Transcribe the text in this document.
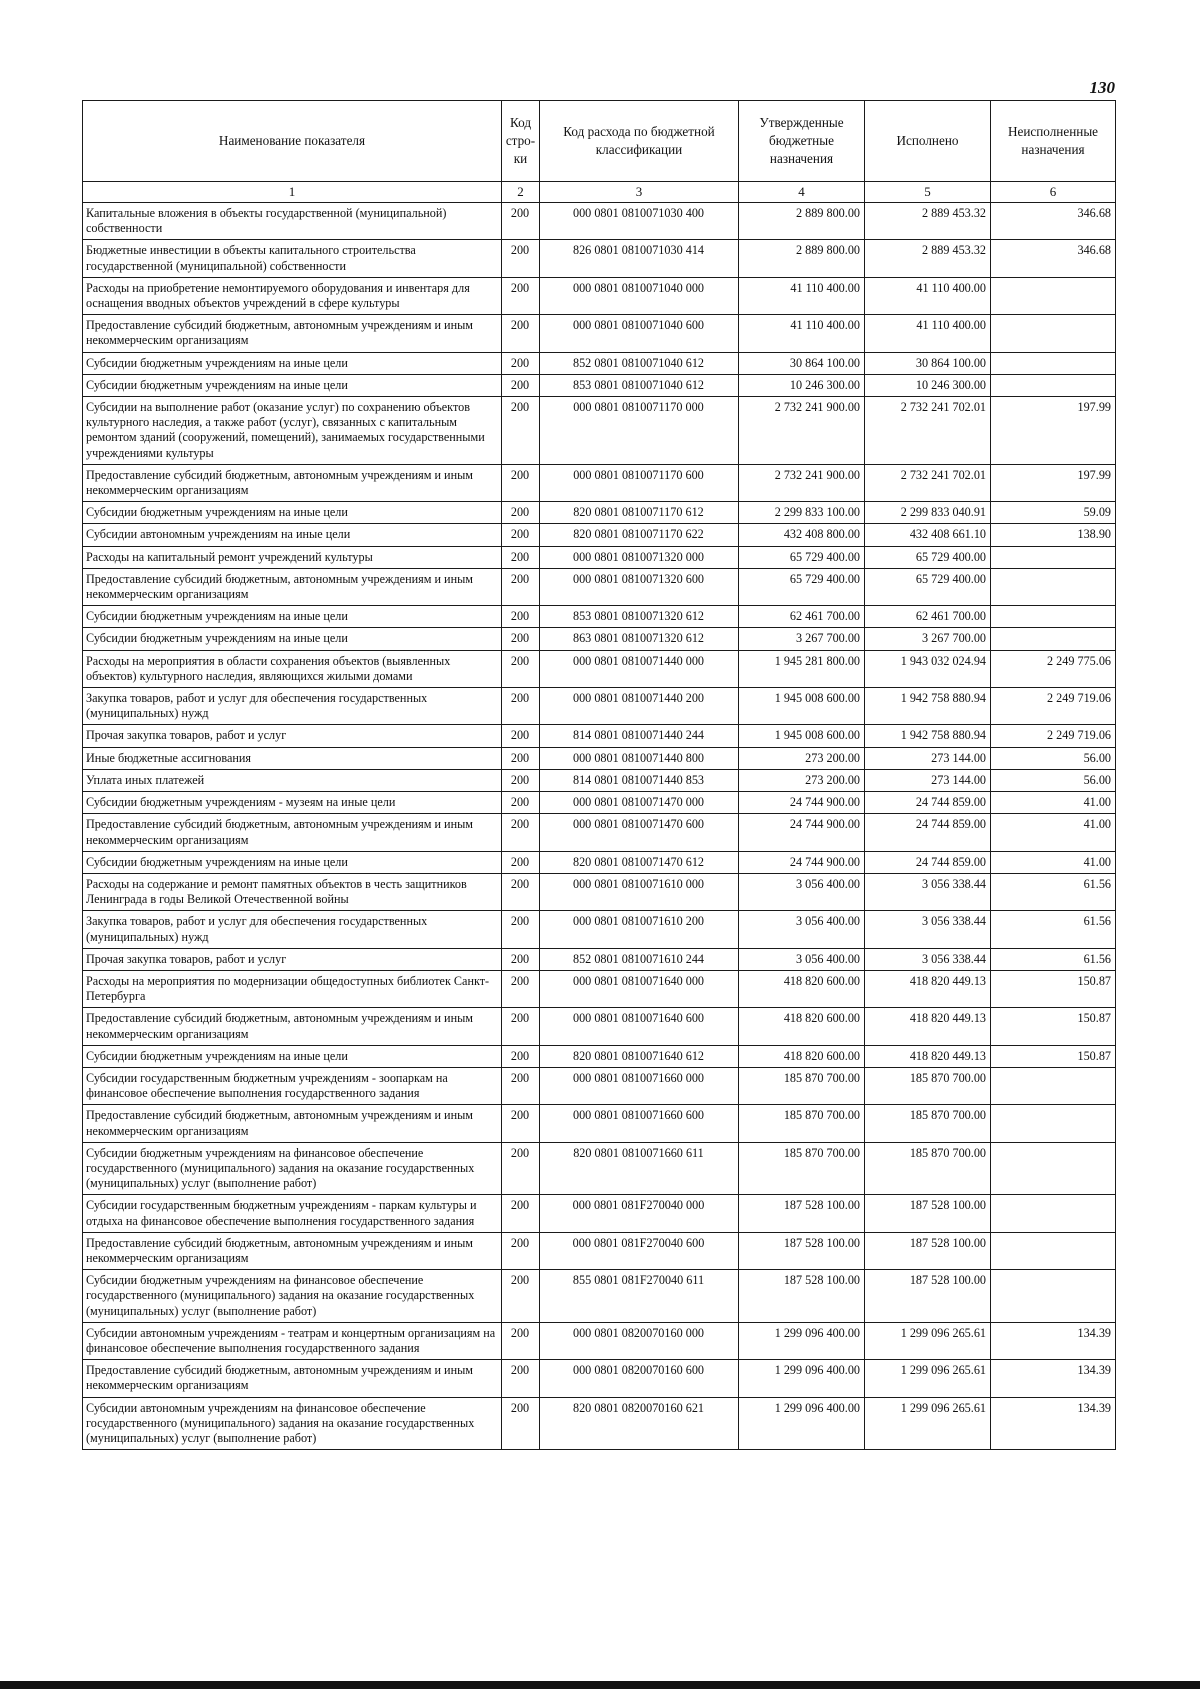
130
Наименование показателя	Код стро-ки	Код расхода по бюджетной классификации	Утвержденные бюджетные назначения	Исполнено	Неисполненные назначения
1	2	3	4	5	6
Капитальные вложения в объекты государственной (муниципальной) собственности	200	000 0801 0810071030 400	2 889 800.00	2 889 453.32	346.68
Бюджетные инвестиции в объекты капитального строительства государственной (муниципальной) собственности	200	826 0801 0810071030 414	2 889 800.00	2 889 453.32	346.68
Расходы на приобретение немонтируемого оборудования и инвентаря для оснащения вводных объектов учреждений в сфере культуры	200	000 0801 0810071040 000	41 110 400.00	41 110 400.00	
Предоставление субсидий бюджетным, автономным учреждениям и иным некоммерческим организациям	200	000 0801 0810071040 600	41 110 400.00	41 110 400.00	
Субсидии бюджетным учреждениям на иные цели	200	852 0801 0810071040 612	30 864 100.00	30 864 100.00	
Субсидии бюджетным учреждениям на иные цели	200	853 0801 0810071040 612	10 246 300.00	10 246 300.00	
Субсидии на выполнение работ (оказание услуг) по сохранению объектов культурного наследия, а также работ (услуг), связанных с капитальным ремонтом зданий (сооружений, помещений), занимаемых государственными учреждениями культуры	200	000 0801 0810071170 000	2 732 241 900.00	2 732 241 702.01	197.99
Предоставление субсидий бюджетным, автономным учреждениям и иным некоммерческим организациям	200	000 0801 0810071170 600	2 732 241 900.00	2 732 241 702.01	197.99
Субсидии бюджетным учреждениям на иные цели	200	820 0801 0810071170 612	2 299 833 100.00	2 299 833 040.91	59.09
Субсидии автономным учреждениям на иные цели	200	820 0801 0810071170 622	432 408 800.00	432 408 661.10	138.90
Расходы на капитальный ремонт учреждений культуры	200	000 0801 0810071320 000	65 729 400.00	65 729 400.00	
Предоставление субсидий бюджетным, автономным учреждениям и иным некоммерческим организациям	200	000 0801 0810071320 600	65 729 400.00	65 729 400.00	
Субсидии бюджетным учреждениям на иные цели	200	853 0801 0810071320 612	62 461 700.00	62 461 700.00	
Субсидии бюджетным учреждениям на иные цели	200	863 0801 0810071320 612	3 267 700.00	3 267 700.00	
Расходы на мероприятия в области сохранения объектов (выявленных объектов) культурного наследия, являющихся жилыми домами	200	000 0801 0810071440 000	1 945 281 800.00	1 943 032 024.94	2 249 775.06
Закупка товаров, работ и услуг для обеспечения государственных (муниципальных) нужд	200	000 0801 0810071440 200	1 945 008 600.00	1 942 758 880.94	2 249 719.06
Прочая закупка товаров, работ и услуг	200	814 0801 0810071440 244	1 945 008 600.00	1 942 758 880.94	2 249 719.06
Иные бюджетные ассигнования	200	000 0801 0810071440 800	273 200.00	273 144.00	56.00
Уплата иных платежей	200	814 0801 0810071440 853	273 200.00	273 144.00	56.00
Субсидии бюджетным учреждениям - музеям на иные цели	200	000 0801 0810071470 000	24 744 900.00	24 744 859.00	41.00
Предоставление субсидий бюджетным, автономным учреждениям и иным некоммерческим организациям	200	000 0801 0810071470 600	24 744 900.00	24 744 859.00	41.00
Субсидии бюджетным учреждениям на иные цели	200	820 0801 0810071470 612	24 744 900.00	24 744 859.00	41.00
Расходы на содержание и ремонт памятных объектов в честь защитников Ленинграда в годы Великой Отечественной войны	200	000 0801 0810071610 000	3 056 400.00	3 056 338.44	61.56
Закупка товаров, работ и услуг для обеспечения государственных (муниципальных) нужд	200	000 0801 0810071610 200	3 056 400.00	3 056 338.44	61.56
Прочая закупка товаров, работ и услуг	200	852 0801 0810071610 244	3 056 400.00	3 056 338.44	61.56
Расходы на мероприятия по модернизации общедоступных библиотек Санкт-Петербурга	200	000 0801 0810071640 000	418 820 600.00	418 820 449.13	150.87
Предоставление субсидий бюджетным, автономным учреждениям и иным некоммерческим организациям	200	000 0801 0810071640 600	418 820 600.00	418 820 449.13	150.87
Субсидии бюджетным учреждениям на иные цели	200	820 0801 0810071640 612	418 820 600.00	418 820 449.13	150.87
Субсидии государственным бюджетным учреждениям - зоопаркам на финансовое обеспечение выполнения государственного задания	200	000 0801 0810071660 000	185 870 700.00	185 870 700.00	
Предоставление субсидий бюджетным, автономным учреждениям и иным некоммерческим организациям	200	000 0801 0810071660 600	185 870 700.00	185 870 700.00	
Субсидии бюджетным учреждениям на финансовое обеспечение государственного (муниципального) задания на оказание государственных (муниципальных) услуг (выполнение работ)	200	820 0801 0810071660 611	185 870 700.00	185 870 700.00	
Субсидии государственным бюджетным учреждениям - паркам культуры и отдыха на финансовое обеспечение выполнения государственного задания	200	000 0801 081F270040 000	187 528 100.00	187 528 100.00	
Предоставление субсидий бюджетным, автономным учреждениям и иным некоммерческим организациям	200	000 0801 081F270040 600	187 528 100.00	187 528 100.00	
Субсидии бюджетным учреждениям на финансовое обеспечение государственного (муниципального) задания на оказание государственных (муниципальных) услуг (выполнение работ)	200	855 0801 081F270040 611	187 528 100.00	187 528 100.00	
Субсидии автономным учреждениям - театрам и концертным организациям на финансовое обеспечение выполнения государственного задания	200	000 0801 0820070160 000	1 299 096 400.00	1 299 096 265.61	134.39
Предоставление субсидий бюджетным, автономным учреждениям и иным некоммерческим организациям	200	000 0801 0820070160 600	1 299 096 400.00	1 299 096 265.61	134.39
Субсидии автономным учреждениям на финансовое обеспечение государственного (муниципального) задания на оказание государственных (муниципальных) услуг (выполнение работ)	200	820 0801 0820070160 621	1 299 096 400.00	1 299 096 265.61	134.39
